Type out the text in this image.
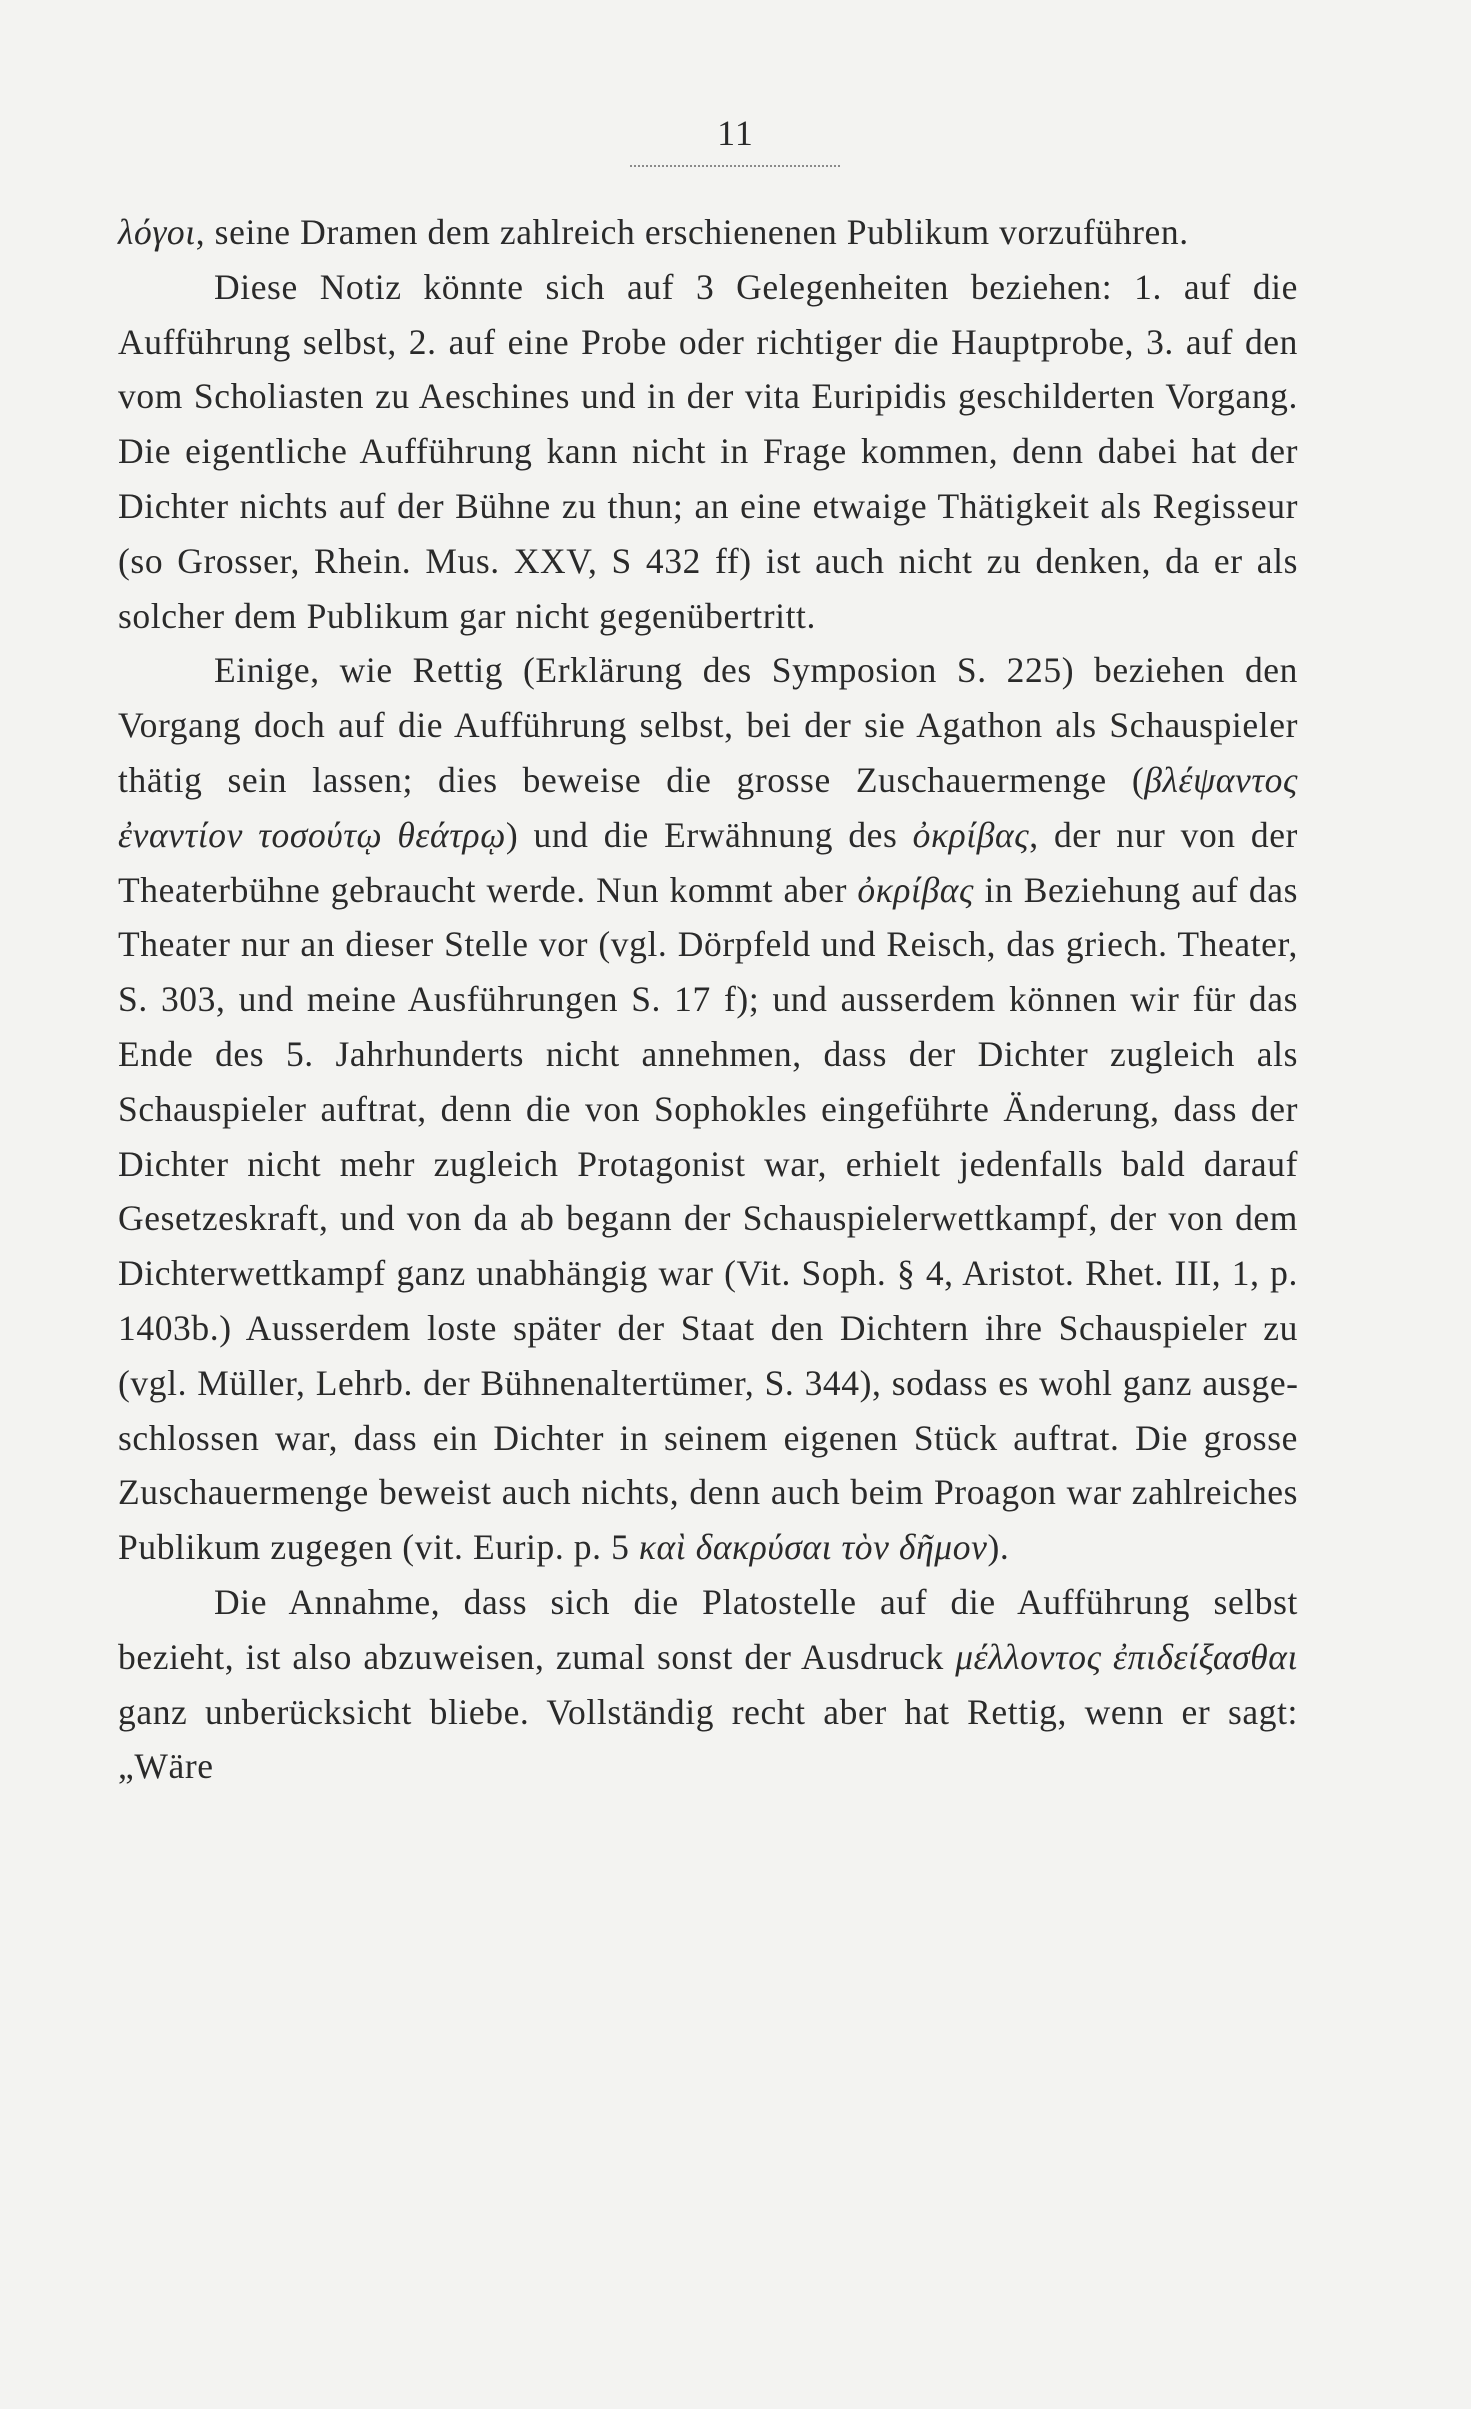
11

λόγοι, seine Dramen dem zahlreich erschienenen Publikum vorzuführen.

Diese Notiz könnte sich auf 3 Gelegenheiten beziehen: 1. auf die Aufführung selbst, 2. auf eine Probe oder richtiger die Hauptprobe, 3. auf den vom Scholiasten zu Aeschines und in der vita Euripidis geschilderten Vorgang. Die eigentliche Aufführung kann nicht in Frage kommen, denn dabei hat der Dichter nichts auf der Bühne zu thun; an eine etwaige Thätigkeit als Regisseur (so Grosser, Rhein. Mus. XXV, S 432 ff) ist auch nicht zu denken, da er als solcher dem Publikum gar nicht gegenübertritt.

Einige, wie Rettig (Erklärung des Symposion S. 225) beziehen den Vorgang doch auf die Aufführung selbst, bei der sie Agathon als Schauspieler thätig sein lassen; dies beweise die grosse Zuschauermenge (βλέψαντος ἐναντίον τοσούτῳ θεάτρῳ) und die Erwähnung des ὀκρίβας, der nur von der Theaterbühne gebraucht werde. Nun kommt aber ὀκρίβας in Beziehung auf das Theater nur an dieser Stelle vor (vgl. Dörpfeld und Reisch, das griech. Theater, S. 303, und meine Ausführungen S. 17 f); und ausserdem können wir für das Ende des 5. Jahrhunderts nicht annehmen, dass der Dichter zugleich als Schauspieler auftrat, denn die von Sophokles eingeführte Änderung, dass der Dichter nicht mehr zugleich Protagonist war, erhielt jedenfalls bald darauf Gesetzeskraft, und von da ab begann der Schauspielerwettkampf, der von dem Dichterwettkampf ganz unabhängig war (Vit. Soph. § 4, Aristot. Rhet. III, 1, p. 1403b.) Ausserdem loste später der Staat den Dichtern ihre Schauspieler zu (vgl. Müller, Lehrb. der Bühnenaltertümer, S. 344), sodass es wohl ganz ausgeschlossen war, dass ein Dichter in seinem eigenen Stück auftrat. Die grosse Zuschauermenge beweist auch nichts, denn auch beim Proagon war zahlreiches Publikum zugegen (vit. Eurip. p. 5 καὶ δακρύσαι τὸν δῆμον).

Die Annahme, dass sich die Platostelle auf die Aufführung selbst bezieht, ist also abzuweisen, zumal sonst der Ausdruck μέλλοντος ἐπιδείξασθαι ganz unberücksicht bliebe. Vollständig recht aber hat Rettig, wenn er sagt: „Wäre
